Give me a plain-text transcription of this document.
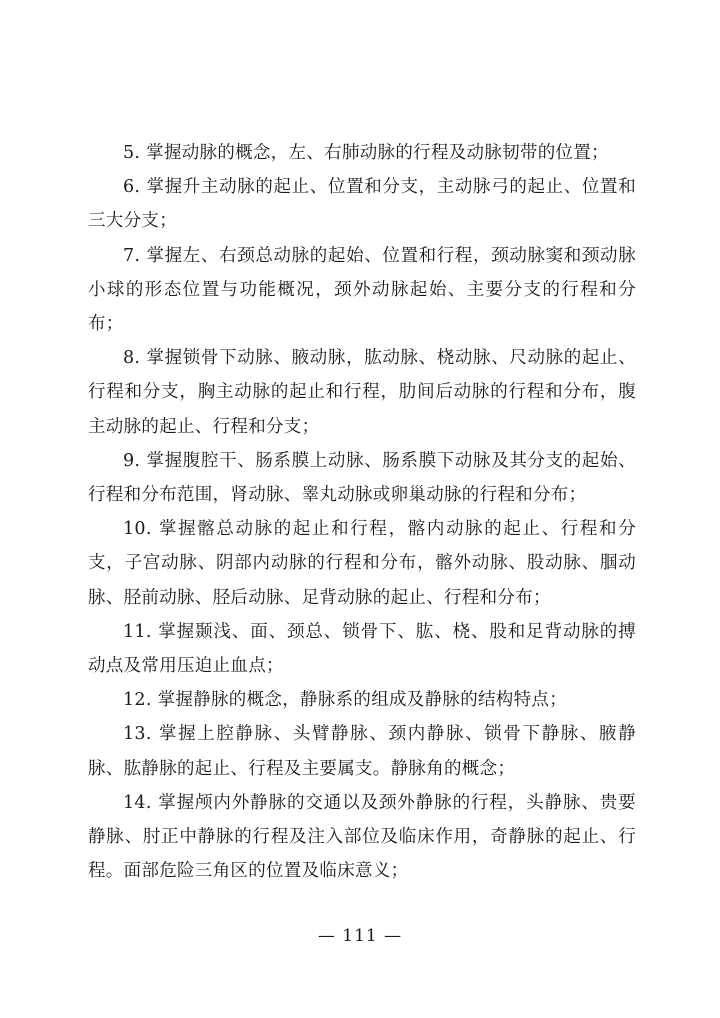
5. 掌握动脉的概念，左、右肺动脉的行程及动脉韧带的位置；

6. 掌握升主动脉的起止、位置和分支，主动脉弓的起止、位置和三大分支；

7. 掌握左、右颈总动脉的起始、位置和行程，颈动脉窦和颈动脉小球的形态位置与功能概况，颈外动脉起始、主要分支的行程和分布；

8. 掌握锁骨下动脉、腋动脉，肱动脉、桡动脉、尺动脉的起止、行程和分支，胸主动脉的起止和行程，肋间后动脉的行程和分布，腹主动脉的起止、行程和分支；

9. 掌握腹腔干、肠系膜上动脉、肠系膜下动脉及其分支的起始、行程和分布范围，肾动脉、睾丸动脉或卵巢动脉的行程和分布；

10. 掌握髂总动脉的起止和行程，髂内动脉的起止、行程和分支，子宫动脉、阴部内动脉的行程和分布，髂外动脉、股动脉、腘动脉、胫前动脉、胫后动脉、足背动脉的起止、行程和分布；

11. 掌握颞浅、面、颈总、锁骨下、肱、桡、股和足背动脉的搏动点及常用压迫止血点；

12. 掌握静脉的概念，静脉系的组成及静脉的结构特点；

13. 掌握上腔静脉、头臂静脉、颈内静脉、锁骨下静脉、腋静脉、肱静脉的起止、行程及主要属支。静脉角的概念；

14. 掌握颅内外静脉的交通以及颈外静脉的行程，头静脉、贵要静脉、肘正中静脉的行程及注入部位及临床作用，奇静脉的起止、行程。面部危险三角区的位置及临床意义；

— 111 —
